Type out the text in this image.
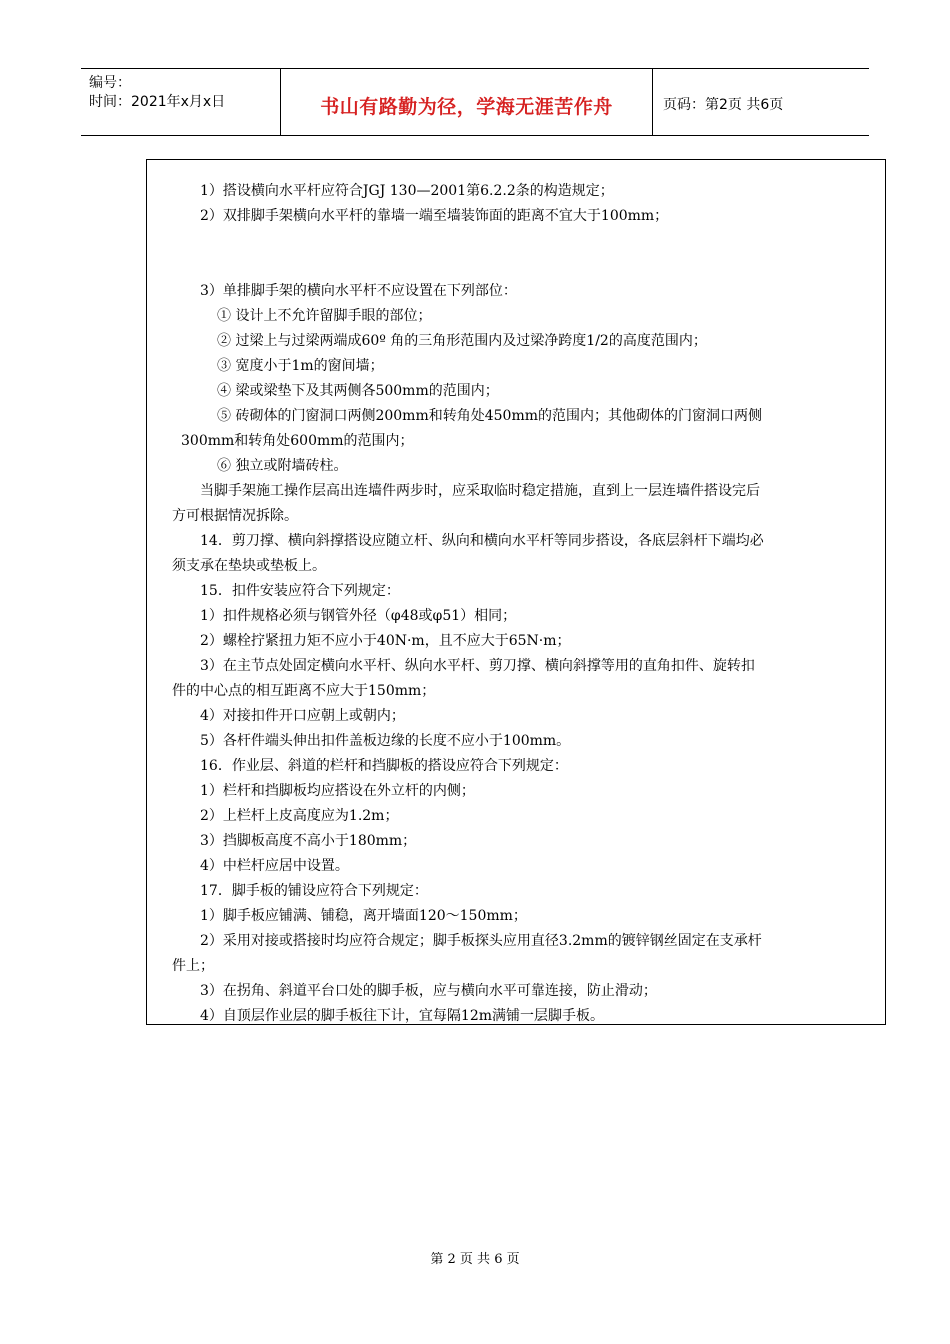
编号：
时间：2021年x月x日	书山有路勤为径，学海无涯苦作舟	页码：第2页 共6页
1）搭设横向水平杆应符合JGJ 130—2001第6.2.2条的构造规定；
2）双排脚手架横向水平杆的靠墙一端至墙装饰面的距离不宜大于100mm；
3）单排脚手架的横向水平杆不应设置在下列部位：
① 设计上不允许留脚手眼的部位；
② 过梁上与过梁两端成60º 角的三角形范围内及过梁净跨度1/2的高度范围内；
③ 宽度小于1m的窗间墙；
④ 梁或梁垫下及其两侧各500mm的范围内；
⑤ 砖砌体的门窗洞口两侧200mm和转角处450mm的范围内；其他砌体的门窗洞口两侧
300mm和转角处600mm的范围内；
⑥ 独立或附墙砖柱。
当脚手架施工操作层高出连墙件两步时，应采取临时稳定措施，直到上一层连墙件搭设完后
方可根据情况拆除。
14．剪刀撑、横向斜撑搭设应随立杆、纵向和横向水平杆等同步搭设，各底层斜杆下端均必
须支承在垫块或垫板上。
15．扣件安装应符合下列规定：
1）扣件规格必须与钢管外径（φ48或φ51）相同；
2）螺栓拧紧扭力矩不应小于40N·m，且不应大于65N·m；
3）在主节点处固定横向水平杆、纵向水平杆、剪刀撑、横向斜撑等用的直角扣件、旋转扣
件的中心点的相互距离不应大于150mm；
4）对接扣件开口应朝上或朝内；
5）各杆件端头伸出扣件盖板边缘的长度不应小于100mm。
16．作业层、斜道的栏杆和挡脚板的搭设应符合下列规定：
1）栏杆和挡脚板均应搭设在外立杆的内侧；
2）上栏杆上皮高度应为1.2m；
3）挡脚板高度不高小于180mm；
4）中栏杆应居中设置。
17．脚手板的铺设应符合下列规定：
1）脚手板应铺满、铺稳，离开墙面120～150mm；
2）采用对接或搭接时均应符合规定；脚手板探头应用直径3.2mm的镀锌钢丝固定在支承杆
件上；
3）在拐角、斜道平台口处的脚手板，应与横向水平可靠连接，防止滑动；
4）自顶层作业层的脚手板往下计，宜每隔12m满铺一层脚手板。
第 2 页 共 6 页
